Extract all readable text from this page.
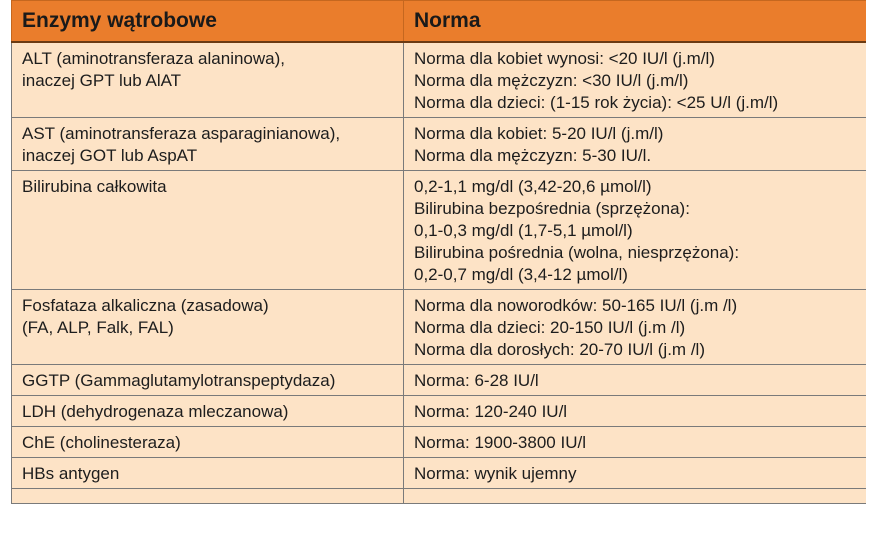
Enzymy wątrobowe	Norma

ALT (aminotransferaza alaninowa),
inaczej GPT lub AlAT	Norma dla kobiet wynosi: <20 IU/l (j.m/l)
Norma dla mężczyzn: <30 IU/l (j.m/l)
Norma dla dzieci: (1-15 rok życia): <25 U/l (j.m/l)

AST (aminotransferaza asparaginianowa),
inaczej GOT lub AspAT	Norma dla kobiet: 5-20 IU/l (j.m/l)
Norma dla mężczyzn: 5-30 IU/l.

Bilirubina całkowita	0,2-1,1 mg/dl (3,42-20,6 µmol/l)
Bilirubina bezpośrednia (sprzężona):
0,1-0,3 mg/dl (1,7-5,1 µmol/l)
Bilirubina pośrednia (wolna, niesprzężona):
0,2-0,7 mg/dl (3,4-12 µmol/l)

Fosfataza alkaliczna (zasadowa)
(FA, ALP, Falk, FAL)	Norma dla noworodków: 50-165 IU/l (j.m /l)
Norma dla dzieci: 20-150 IU/l (j.m /l)
Norma dla dorosłych: 20-70 IU/l (j.m /l)

GGTP (Gammaglutamylotranspeptydaza)	Norma: 6-28 IU/l

LDH (dehydrogenaza mleczanowa)	Norma: 120-240 IU/l

ChE (cholinesteraza)	Norma: 1900-3800 IU/l

HBs antygen	Norma: wynik ujemny
